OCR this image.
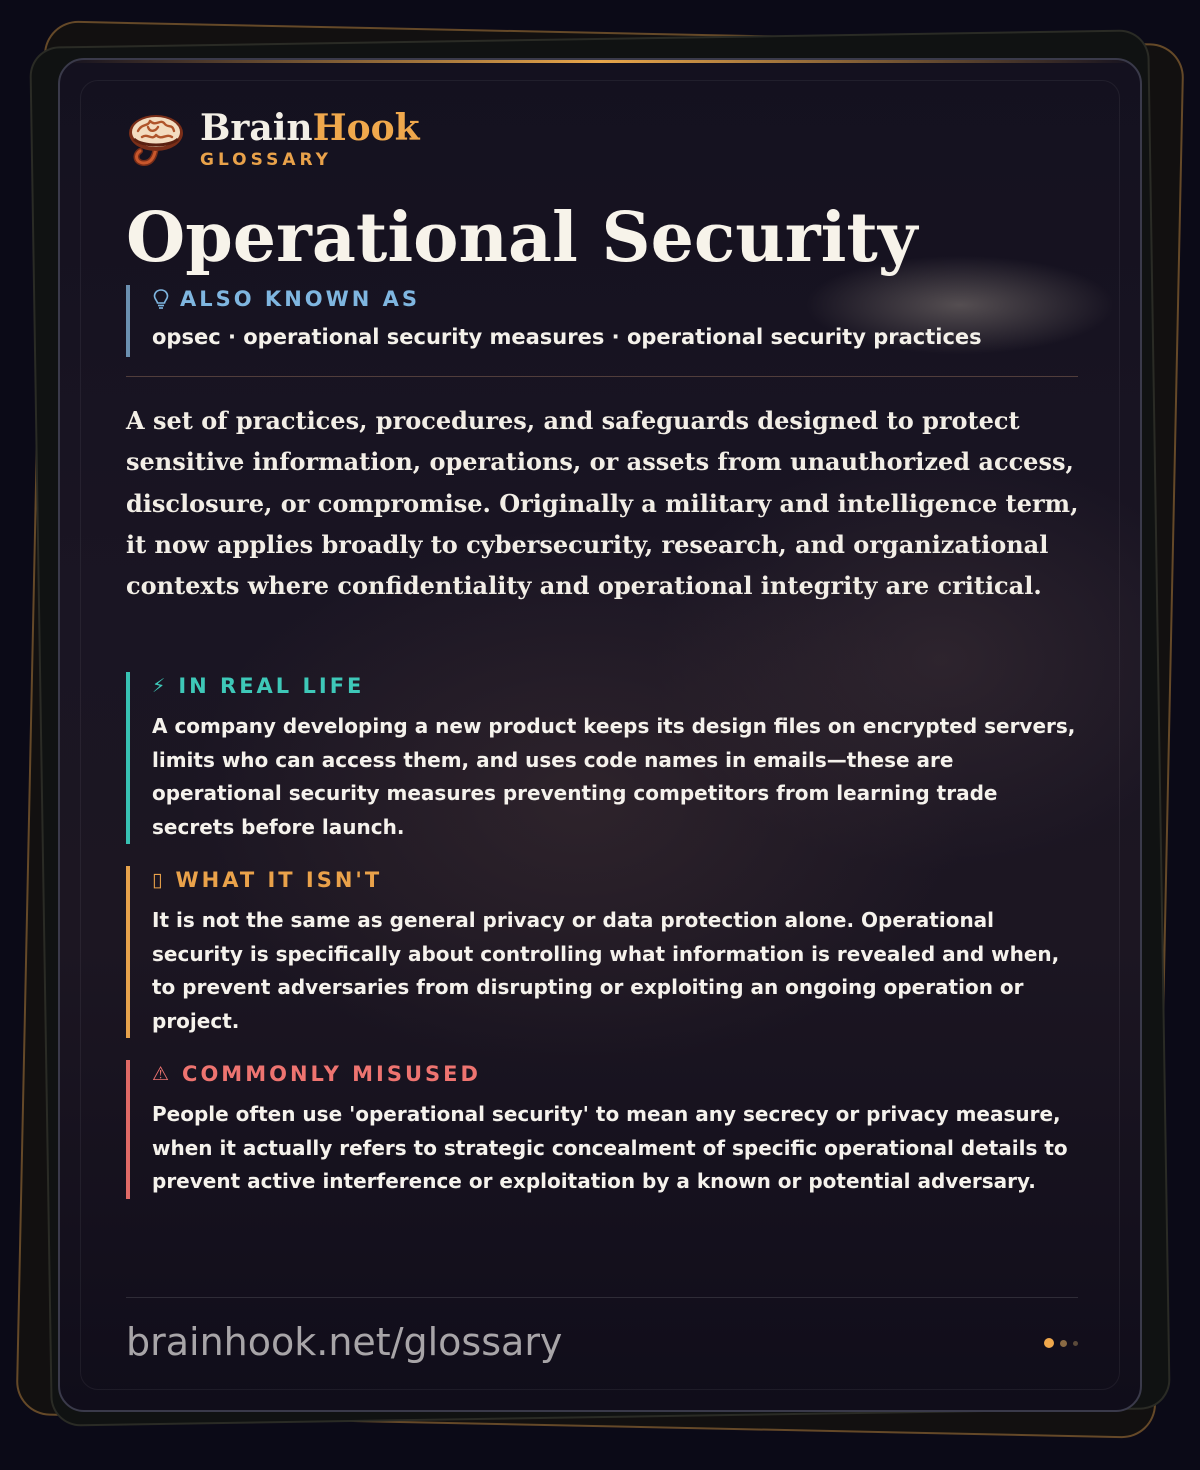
BrainHook
GLOSSARY
Operational Security
ALSO KNOWN AS
opsec · operational security measures · operational security practices

A set of practices, procedures, and safeguards designed to protect sensitive information, operations, or assets from unauthorized access, disclosure, or compromise. Originally a military and intelligence term, it now applies broadly to cybersecurity, research, and organizational contexts where confidentiality and operational integrity are critical.

⚡ IN REAL LIFE
A company developing a new product keeps its design files on encrypted servers, limits who can access them, and uses code names in emails—these are operational security measures preventing competitors from learning trade secrets before launch.
▯ WHAT IT ISN'T
It is not the same as general privacy or data protection alone. Operational security is specifically about controlling what information is revealed and when, to prevent adversaries from disrupting or exploiting an ongoing operation or project.
⚠ COMMONLY MISUSED
People often use 'operational security' to mean any secrecy or privacy measure, when it actually refers to strategic concealment of specific operational details to prevent active interference or exploitation by a known or potential adversary.
brainhook.net/glossary
